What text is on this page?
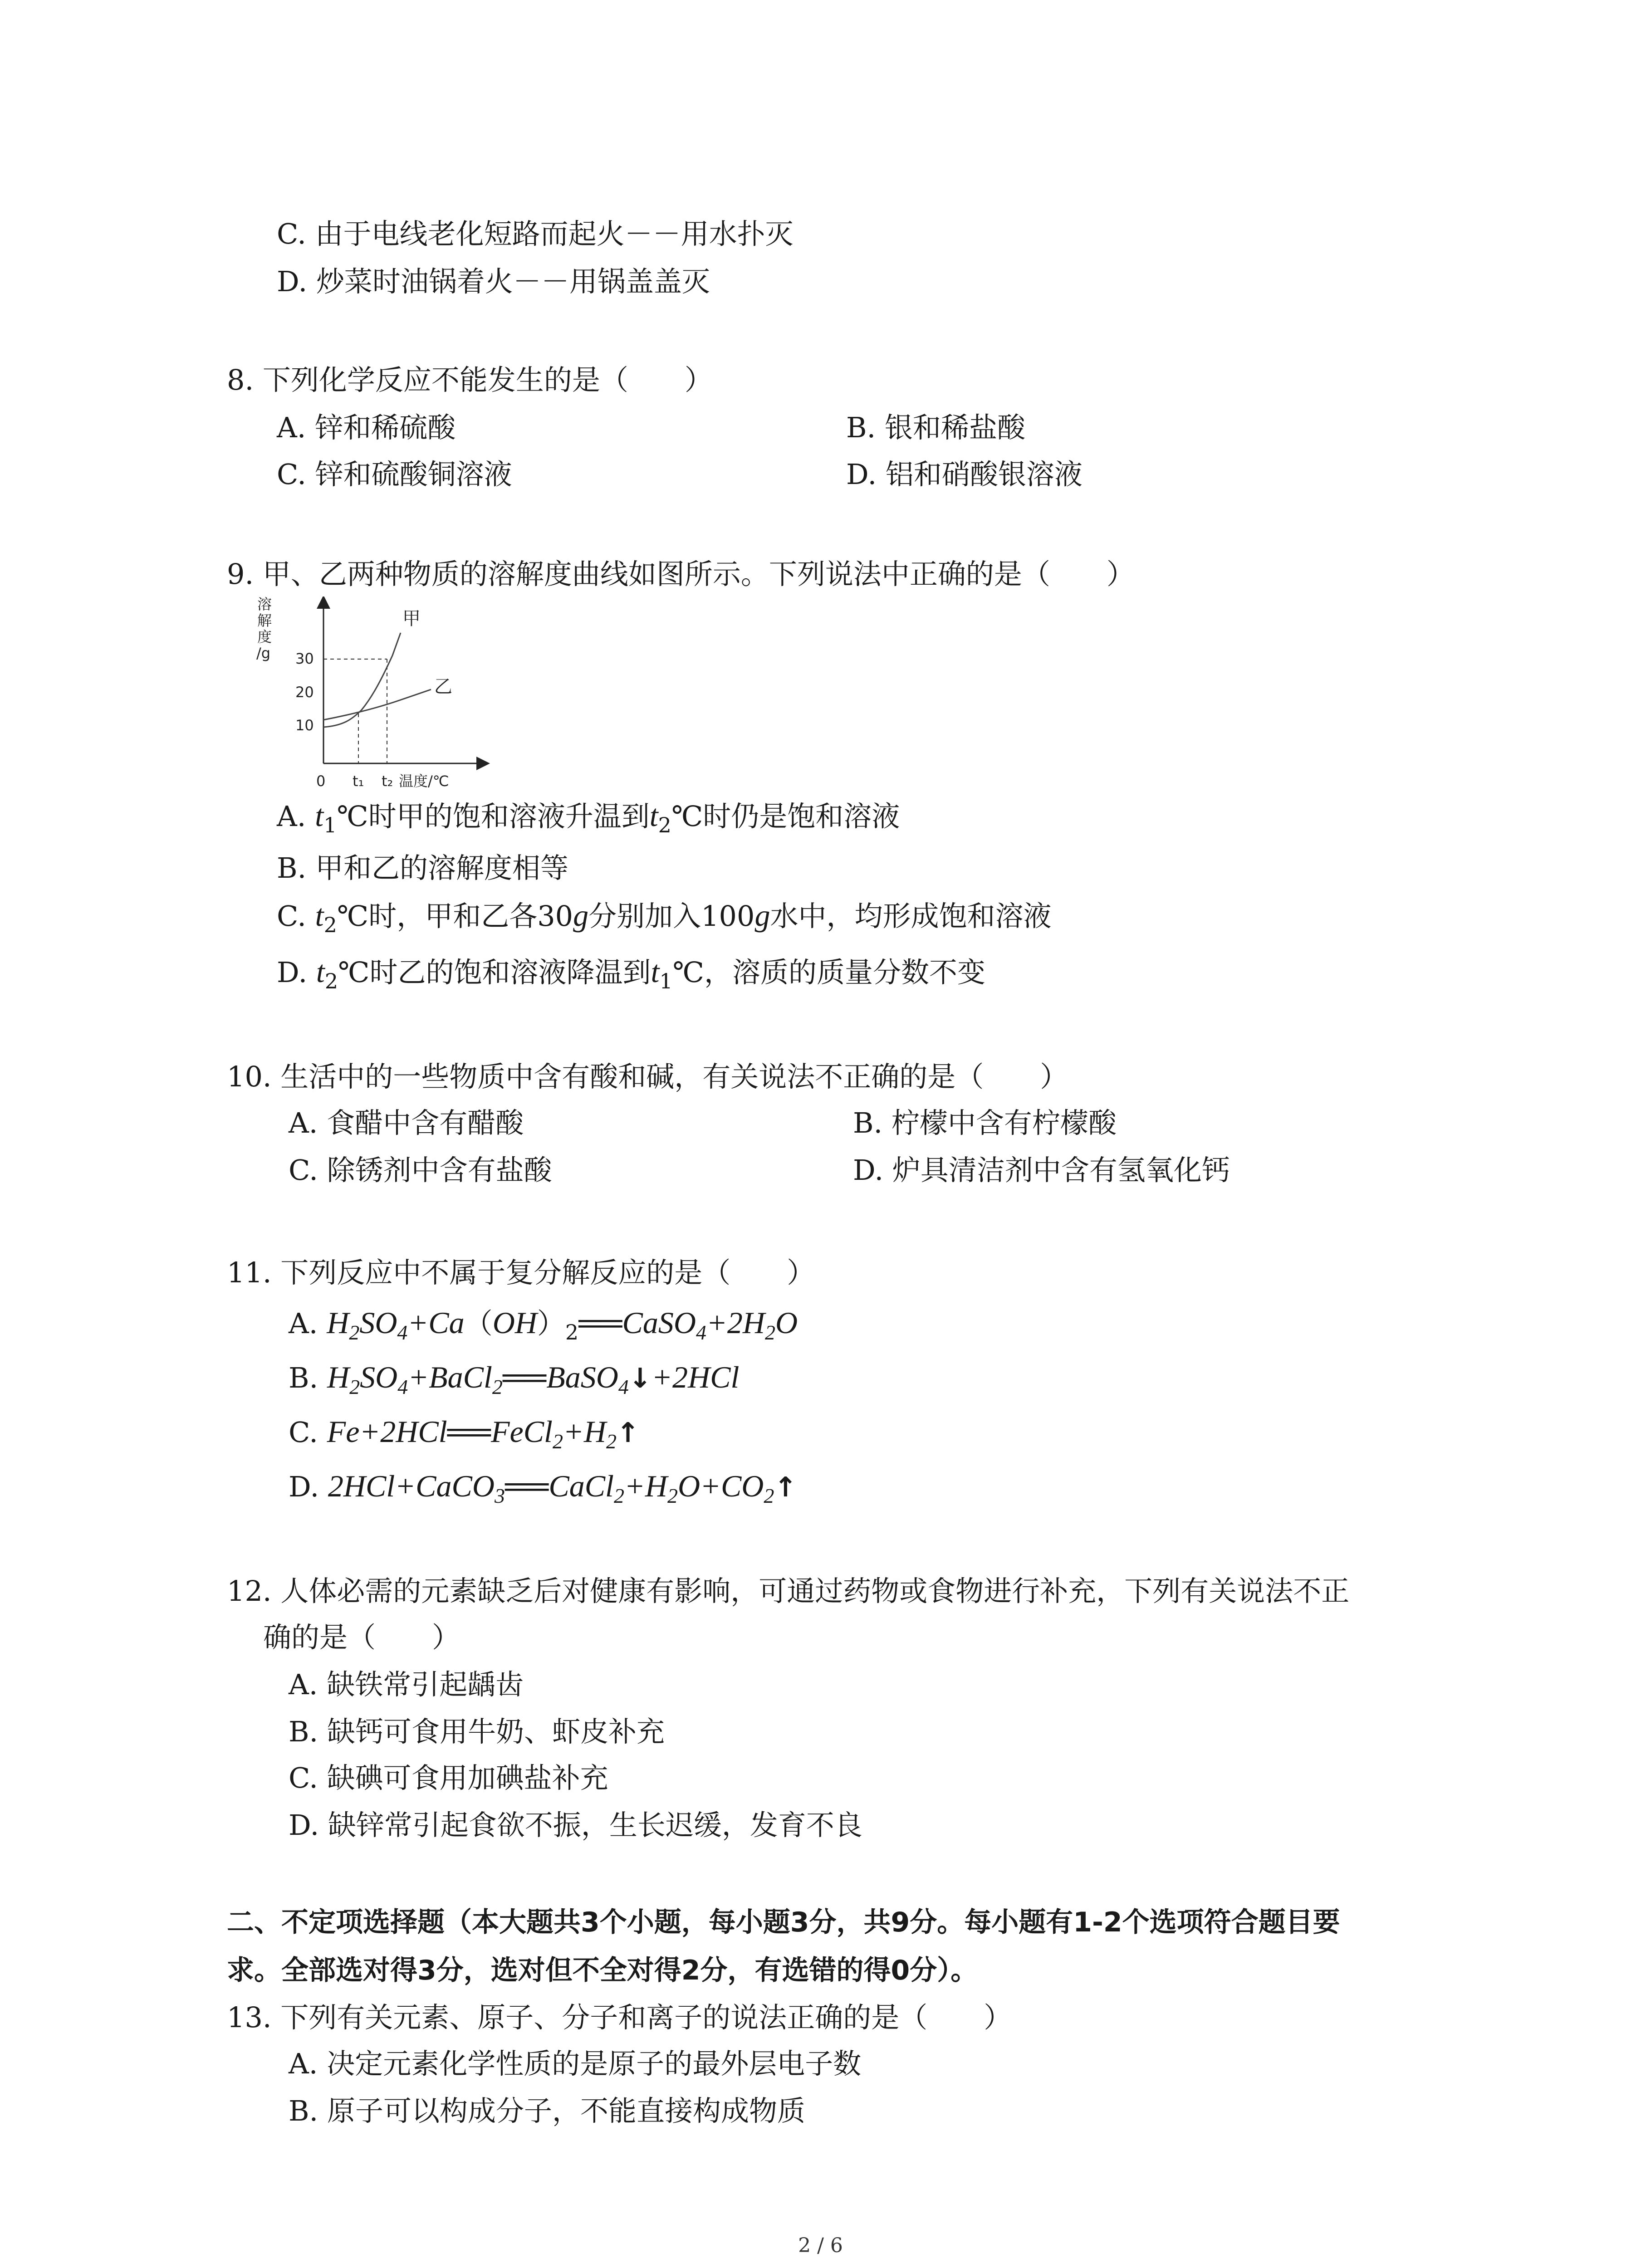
C. 由于电线老化短路而起火－－用水扑灭
D. 炒菜时油锅着火－－用锅盖盖灭
8. 下列化学反应不能发生的是（　　）
A. 锌和稀硫酸	B. 银和稀盐酸
C. 锌和硫酸铜溶液	D. 铝和硝酸银溶液
9. 甲、乙两种物质的溶解度曲线如图所示。下列说法中正确的是（　　）
溶
解
度
/g 30
20
10
甲
乙
0 t₁ t₂ 温度/℃
A. $t_1℃$时甲的饱和溶液升温到$t_2℃$时仍是饱和溶液
B. 甲和乙的溶解度相等
C. $t_2℃$时，甲和乙各30g分别加入100g水中，均形成饱和溶液
D. $t_2℃$时乙的饱和溶液降温到$t_1℃$，溶质的质量分数不变
10. 生活中的一些物质中含有酸和碱，有关说法不正确的是（　　）
A. 食醋中含有醋酸	B. 柠檬中含有柠檬酸
C. 除锈剂中含有盐酸	D. 炉具清洁剂中含有氢氧化钙
11. 下列反应中不属于复分解反应的是（　　）
A. $H_2SO_4+Ca(OH)_2══CaSO_4+2H_2O$
B. $H_2SO_4+BaCl_2══BaSO_4↓+2HCl$
C. $Fe+2HCl══FeCl_2+H_2↑$
D. $2HCl+CaCO_3══CaCl_2+H_2O+CO_2↑$
12. 人体必需的元素缺乏后对健康有影响，可通过药物或食物进行补充，下列有关说法不正
确的是（　　）
A. 缺铁常引起龋齿
B. 缺钙可食用牛奶、虾皮补充
C. 缺碘可食用加碘盐补充
D. 缺锌常引起食欲不振，生长迟缓，发育不良
二、不定项选择题（本大题共3个小题，每小题3分，共9分。每小题有1-2个选项符合题目要
求。全部选对得3分，选对但不全对得2分，有选错的得0分）。
13. 下列有关元素、原子、分子和离子的说法正确的是（　　）
A. 决定元素化学性质的是原子的最外层电子数
B. 原子可以构成分子，不能直接构成物质
2 / 6
